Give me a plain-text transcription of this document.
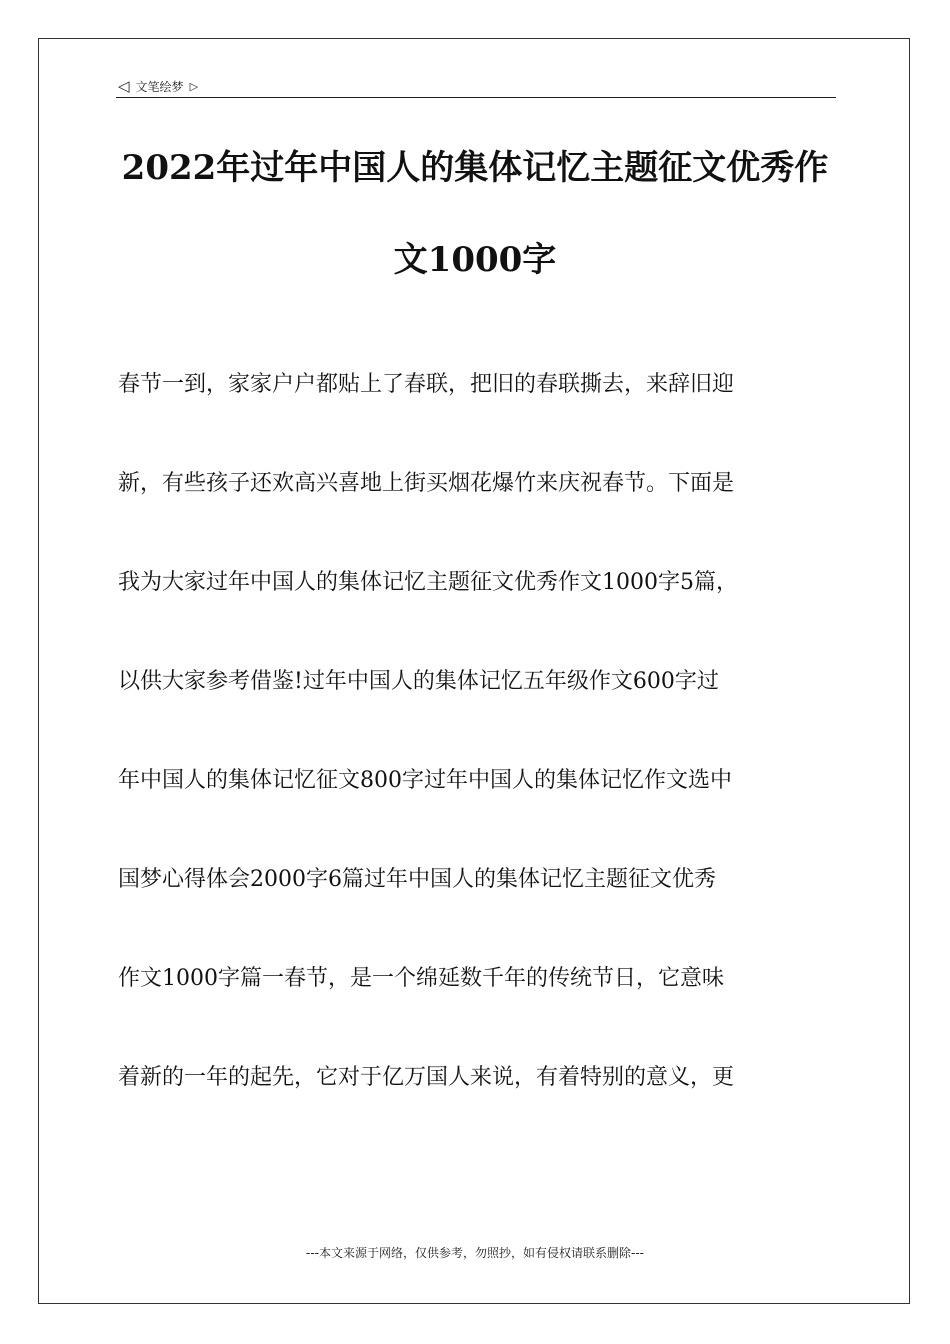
◁ 文笔绘梦 ▷
2022年过年中国人的集体记忆主题征文优秀作
文1000字
春节一到，家家户户都贴上了春联，把旧的春联撕去，来辞旧迎
新，有些孩子还欢高兴喜地上街买烟花爆竹来庆祝春节。下面是
我为大家过年中国人的集体记忆主题征文优秀作文1000字5篇，
以供大家参考借鉴!过年中国人的集体记忆五年级作文600字过
年中国人的集体记忆征文800字过年中国人的集体记忆作文选中
国梦心得体会2000字6篇过年中国人的集体记忆主题征文优秀
作文1000字篇一春节，是一个绵延数千年的传统节日，它意味
着新的一年的起先，它对于亿万国人来说，有着特别的意义，更
---本文来源于网络，仅供参考，勿照抄，如有侵权请联系删除---
